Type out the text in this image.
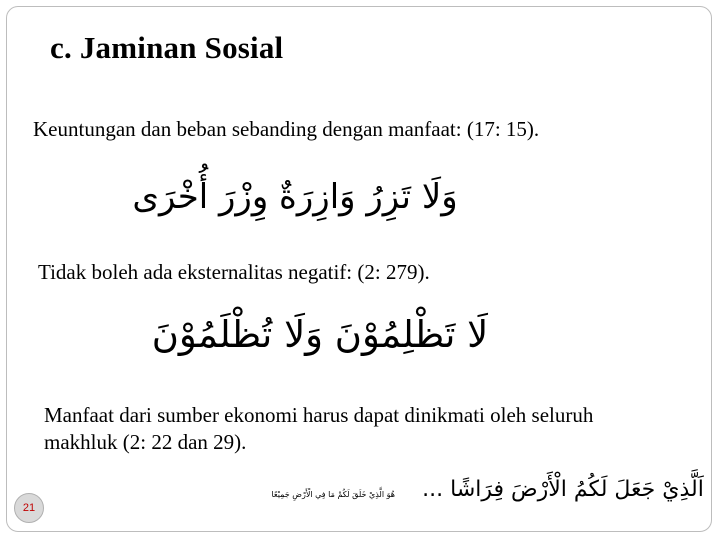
c. Jaminan Sosial
Keuntungan dan beban sebanding dengan manfaat: (17: 15).
وَلَا تَزِرُ وَازِرَةٌ وِزْرَ أُخْرَى
Tidak boleh ada eksternalitas negatif: (2: 279).
لَا تَظْلِمُوْنَ وَلَا تُظْلَمُوْنَ
Manfaat dari sumber ekonomi harus dapat dinikmati oleh seluruh
makhluk (2: 22 dan 29).
هُوَ الَّذِيْ خَلَقَ لَكُمْ مَا فِي الْأَرْضِ جَمِيْعًا اَلَّذِيْ جَعَلَ لَكُمُ الْأَرْضَ فِرَاشًا ...
21
